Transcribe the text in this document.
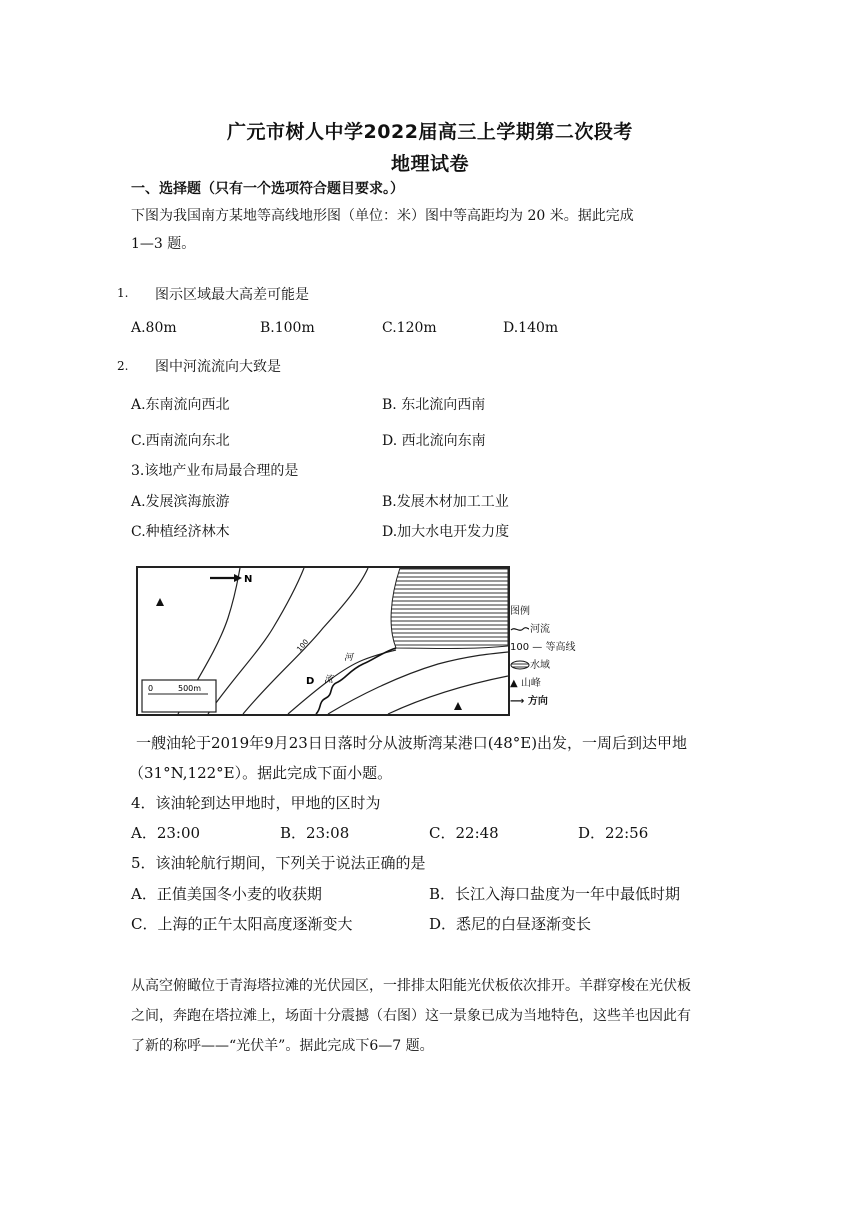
广元市树人中学2022届高三上学期第二次段考
地理试卷
一、选择题（只有一个选项符合题目要求。）
下图为我国南方某地等高线地形图（单位：米）图中等高距均为 20 米。据此完成
1—3 题。
1. 图示区域最大高差可能是
A.80m	B.100m	C.120m	D.140m
2. 图中河流流向大致是
A.东南流向西北	B. 东北流向西南
C.西南流向东北	D. 西北流向东南
3.该地产业布局最合理的是
A.发展滨海旅游	B.发展木材加工工业
C.种植经济林木	D.加大水电开发力度
N
0	500m
100
河
流
D
图例
河流
100 — 等高线
水域
▲ 山峰
⟶ 方向
一艘油轮于2019年9月23日日落时分从波斯湾某港口(48°E)出发，一周后到达甲地
（31°N,122°E）。据此完成下面小题。
4．该油轮到达甲地时，甲地的区时为
A．23:00	B．23:08	C．22:48	D．22:56
5．该油轮航行期间，下列关于说法正确的是
A．正值美国冬小麦的收获期	B．长江入海口盐度为一年中最低时期
C．上海的正午太阳高度逐渐变大	D．悉尼的白昼逐渐变长
从高空俯瞰位于青海塔拉滩的光伏园区，一排排太阳能光伏板依次排开。羊群穿梭在光伏板
之间，奔跑在塔拉滩上，场面十分震撼（右图）这一景象已成为当地特色，这些羊也因此有
了新的称呼——“光伏羊”。据此完成下6—7 题。
